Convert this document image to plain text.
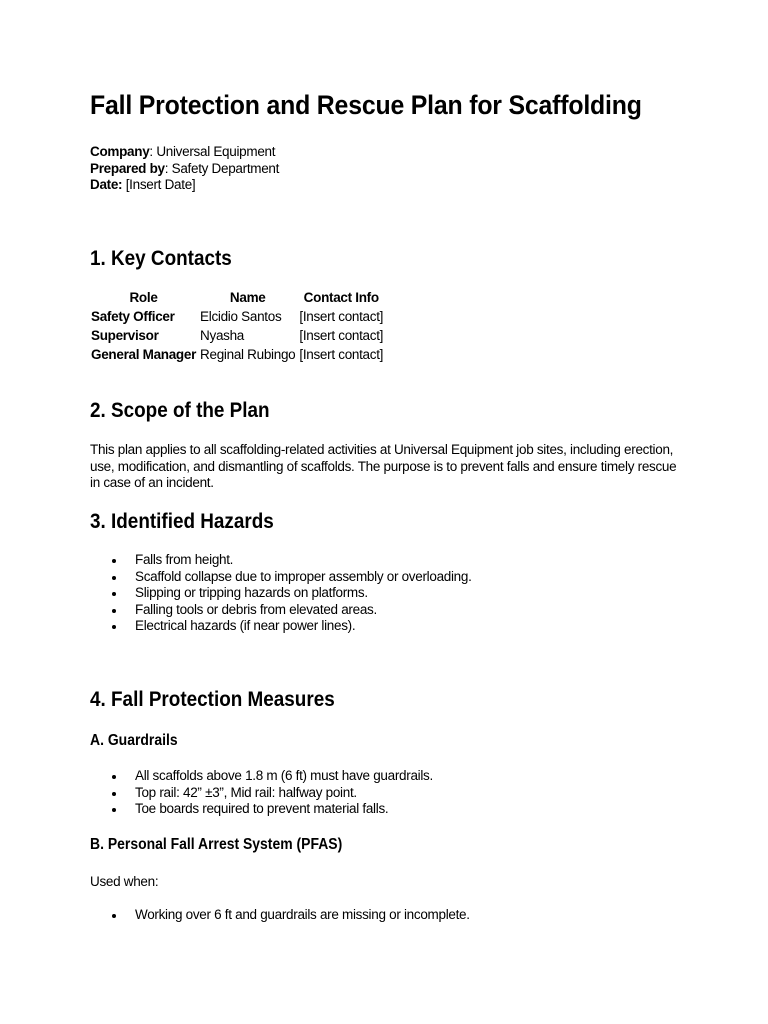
Fall Protection and Rescue Plan for Scaffolding
Company: Universal Equipment
Prepared by: Safety Department
Date: [Insert Date]
1. Key Contacts
Role	Name	Contact Info
Safety Officer	Elcidio Santos	[Insert contact]
Supervisor	Nyasha	[Insert contact]
General Manager	Reginal Rubingo	[Insert contact]
2. Scope of the Plan

This plan applies to all scaffolding-related activities at Universal Equipment job sites, including erection, use, modification, and dismantling of scaffolds. The purpose is to prevent falls and ensure timely rescue in case of an incident.

3. Identified Hazards
Falls from height.
Scaffold collapse due to improper assembly or overloading.
Slipping or tripping hazards on platforms.
Falling tools or debris from elevated areas.
Electrical hazards (if near power lines).
4. Fall Protection Measures
A. Guardrails
All scaffolds above 1.8 m (6 ft) must have guardrails.
Top rail: 42” ±3”, Mid rail: halfway point.
Toe boards required to prevent material falls.
B. Personal Fall Arrest System (PFAS)

Used when:

Working over 6 ft and guardrails are missing or incomplete.
